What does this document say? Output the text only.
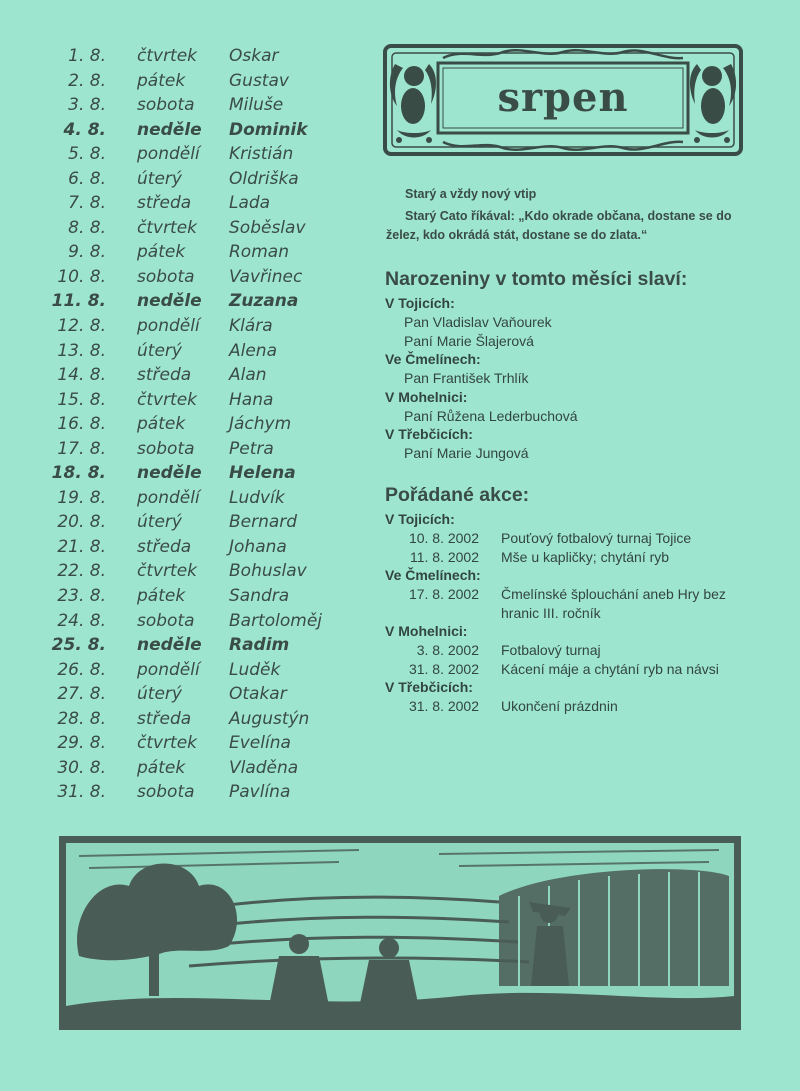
1. 8. čtvrtek Oskar
2. 8. pátek	Gustav
3. 8. sobota Miluše
4. 8. neděle Dominik
5. 8. pondělí Kristián
6. 8. úterý	Oldriška
7. 8. středa Lada
8. 8. čtvrtek Soběslav
9. 8. pátek	Roman
10. 8. sobota Vavřinec
11. 8. neděle Zuzana
12. 8. pondělí Klára
13. 8. úterý	Alena
14. 8. středa Alan
15. 8. čtvrtek Hana
16. 8. pátek	Jáchym
17. 8. sobota Petra
18. 8. neděle Helena
19. 8. pondělí Ludvík
20. 8. úterý	Bernard
21. 8. středa Johana
22. 8. čtvrtek Bohuslav
23. 8. pátek	Sandra
24. 8. sobota Bartoloměj
25. 8. neděle Radim
26. 8. pondělí Luděk
27. 8. úterý	Otakar
28. 8. středa Augustýn
29. 8. čtvrtek Evelína
30. 8. pátek	Vladěna
31. 8. sobota Pavlína
srpen
Starý a vždy nový vtip

Starý Cato říkával: „Kdo okrade občana, dostane se do želez, kdo okrádá stát, dostane se do zlata.“

Narozeniny v tomto měsíci slaví:
V Tojicích:
Pan Vladislav Vaňourek
Paní Marie Šlajerová
Ve Čmelínech:
Pan František Trhlík
V Mohelnici:
Paní Růžena Lederbuchová
V Třebčicích:
Paní Marie Jungová
Pořádané akce:
V Tojicích:
10. 8. 2002 Pouťový fotbalový turnaj Tojice
11. 8. 2002 Mše u kapličky; chytání ryb
Ve Čmelínech:
17. 8. 2002 Čmelínské šplouchání aneb Hry bez hranic III. ročník
V Mohelnici:
3. 8. 2002 Fotbalový turnaj
31. 8. 2002 Kácení máje a chytání ryb na návsi
V Třebčicích:
31. 8. 2002 Ukončení prázdnin
